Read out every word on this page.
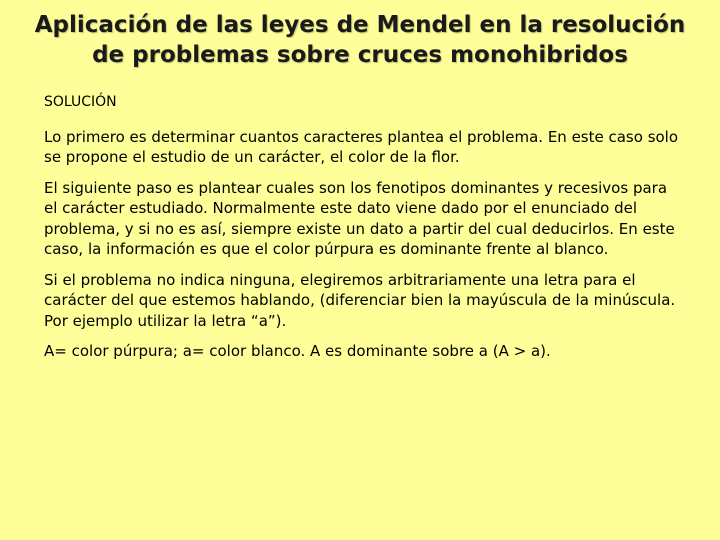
Aplicación de las leyes de Mendel en la resolución
de problemas sobre cruces monohibridos

SOLUCIÓN

Lo primero es determinar cuantos caracteres plantea el problema. En este caso solo se propone el estudio de un carácter, el color de la flor.

El siguiente paso es plantear cuales son los fenotipos dominantes y recesivos para el carácter estudiado. Normalmente este dato viene dado por el enunciado del problema, y si no es así, siempre existe un dato a partir del cual deducirlos. En este caso, la información es que el color púrpura es dominante frente al blanco.

Si el problema no indica ninguna, elegiremos arbitrariamente una letra para el carácter del que estemos hablando, (diferenciar bien la mayúscula de la minúscula. Por ejemplo utilizar la letra “a”).

A= color púrpura; a= color blanco. A es dominante sobre a (A > a).
